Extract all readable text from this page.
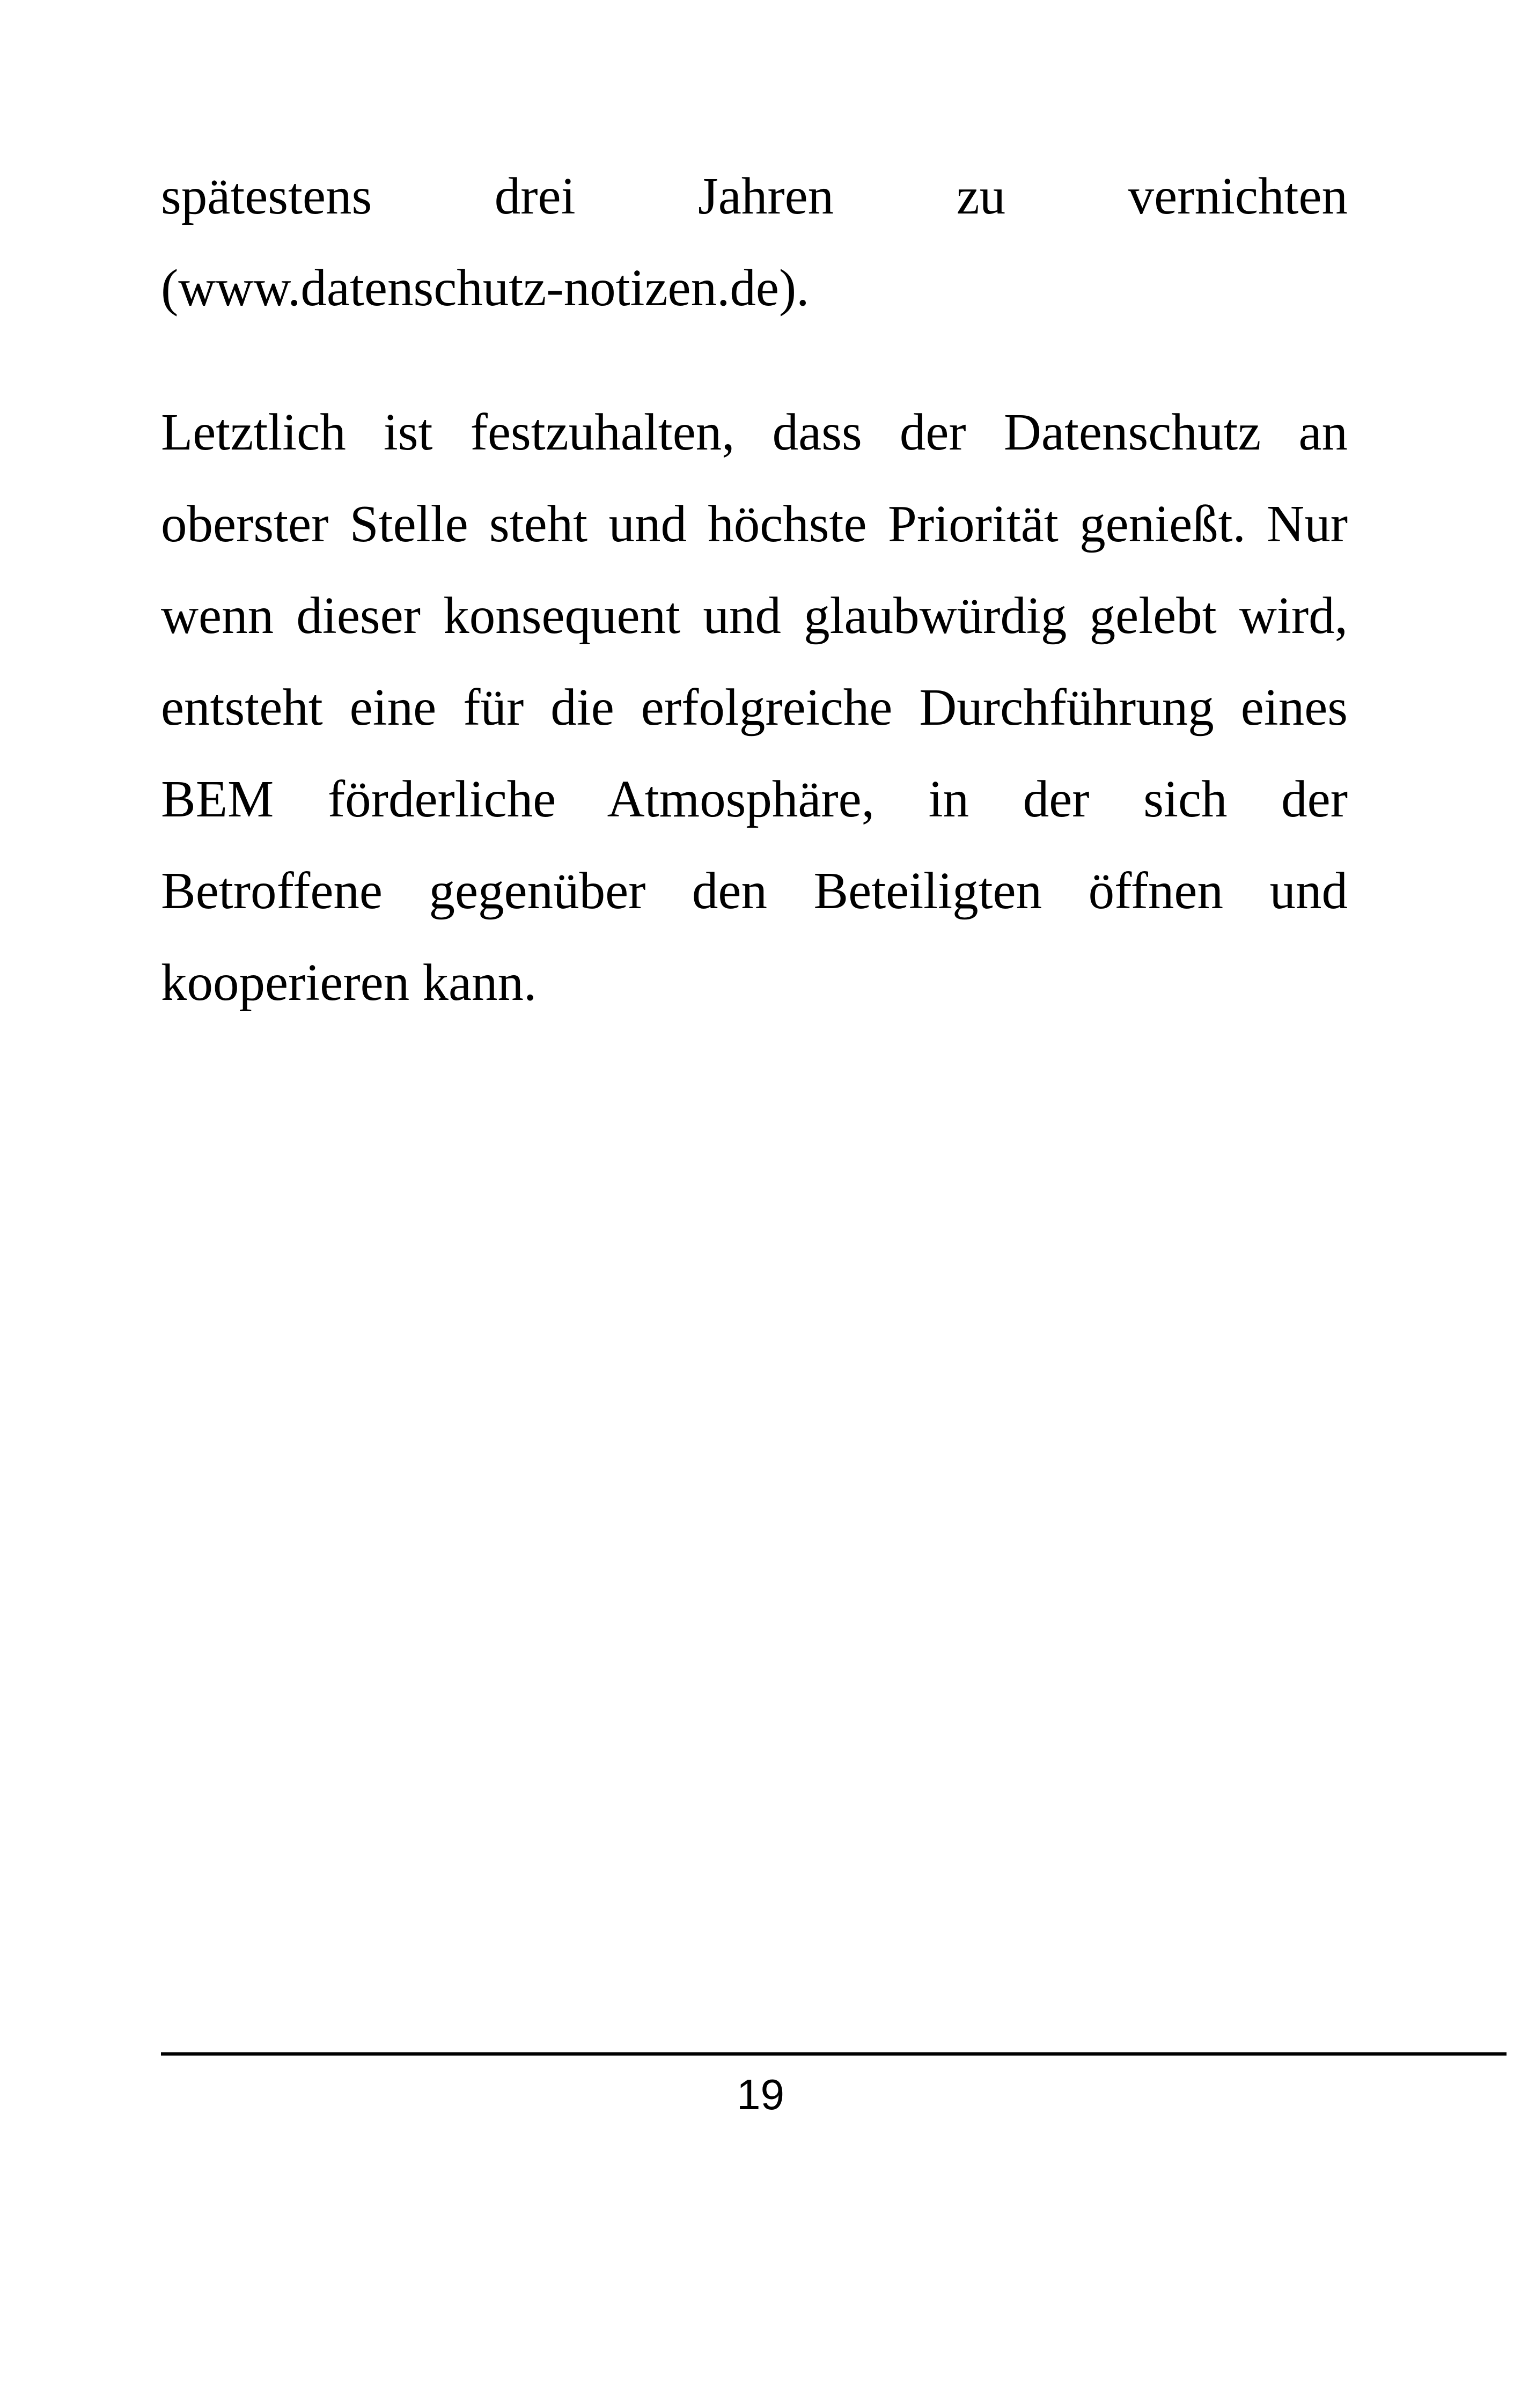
spätestens drei Jahren zu vernichten
(www.datenschutz-notizen.de).
Letztlich ist festzuhalten, dass der Datenschutz an
oberster Stelle steht und höchste Priorität genießt. Nur
wenn dieser konsequent und glaubwürdig gelebt wird,
entsteht eine für die erfolgreiche Durchführung eines
BEM förderliche Atmosphäre, in der sich der
Betroffene gegenüber den Beteiligten öffnen und
kooperieren kann.
19
